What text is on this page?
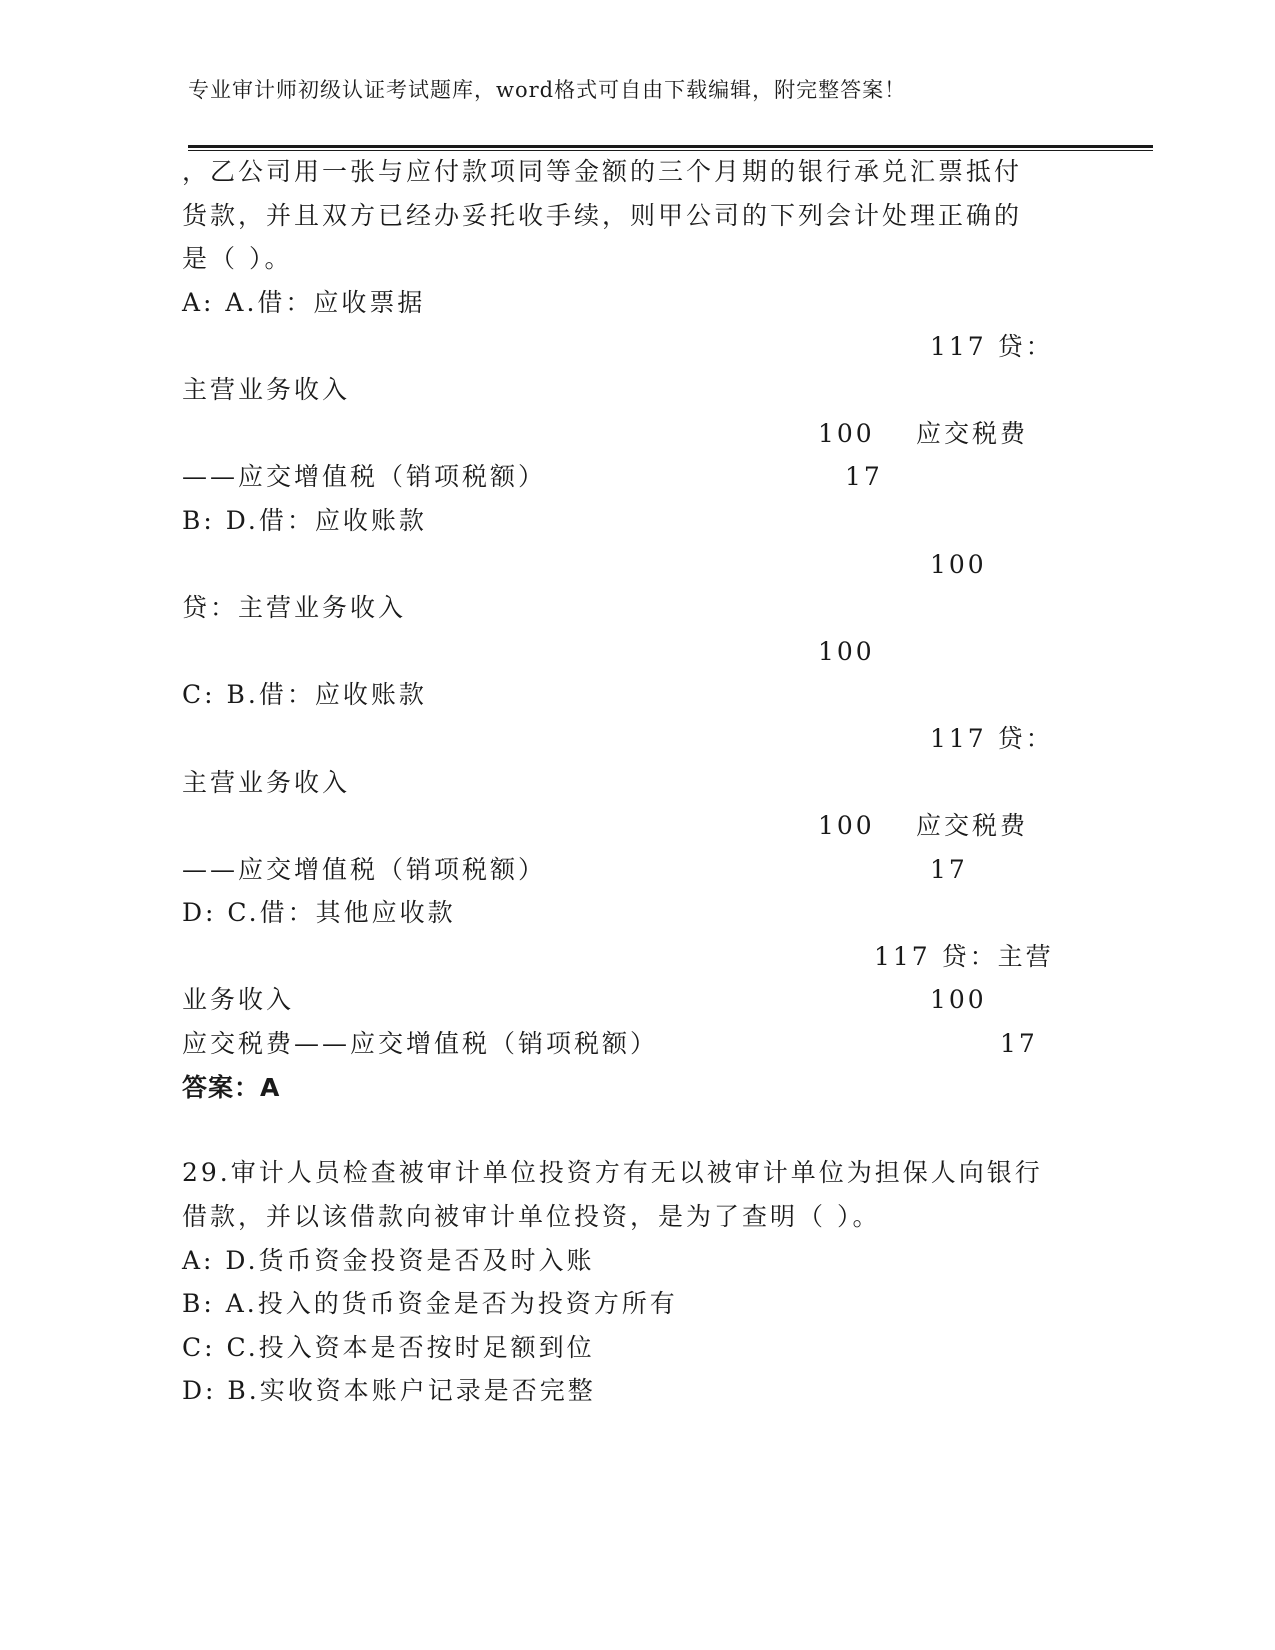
专业审计师初级认证考试题库，word格式可自由下载编辑，附完整答案！
，乙公司用一张与应付款项同等金额的三个月期的银行承兑汇票抵付
货款，并且双方已经办妥托收手续，则甲公司的下列会计处理正确的
是（ ）。
A: A.借：应收票据
117 贷：
主营业务收入
100 应交税费
——应交增值税（销项税额）	17
B: D.借：应收账款
100
贷：主营业务收入
100
C: B.借：应收账款
117 贷：
主营业务收入
100 应交税费
——应交增值税（销项税额）	17
D: C.借：其他应收款
117 贷：主营
业务收入	100
应交税费——应交增值税（销项税额）	17
答案：A
29.审计人员检查被审计单位投资方有无以被审计单位为担保人向银行
借款，并以该借款向被审计单位投资，是为了查明（ ）。
A: D.货币资金投资是否及时入账
B: A.投入的货币资金是否为投资方所有
C: C.投入资本是否按时足额到位
D: B.实收资本账户记录是否完整
